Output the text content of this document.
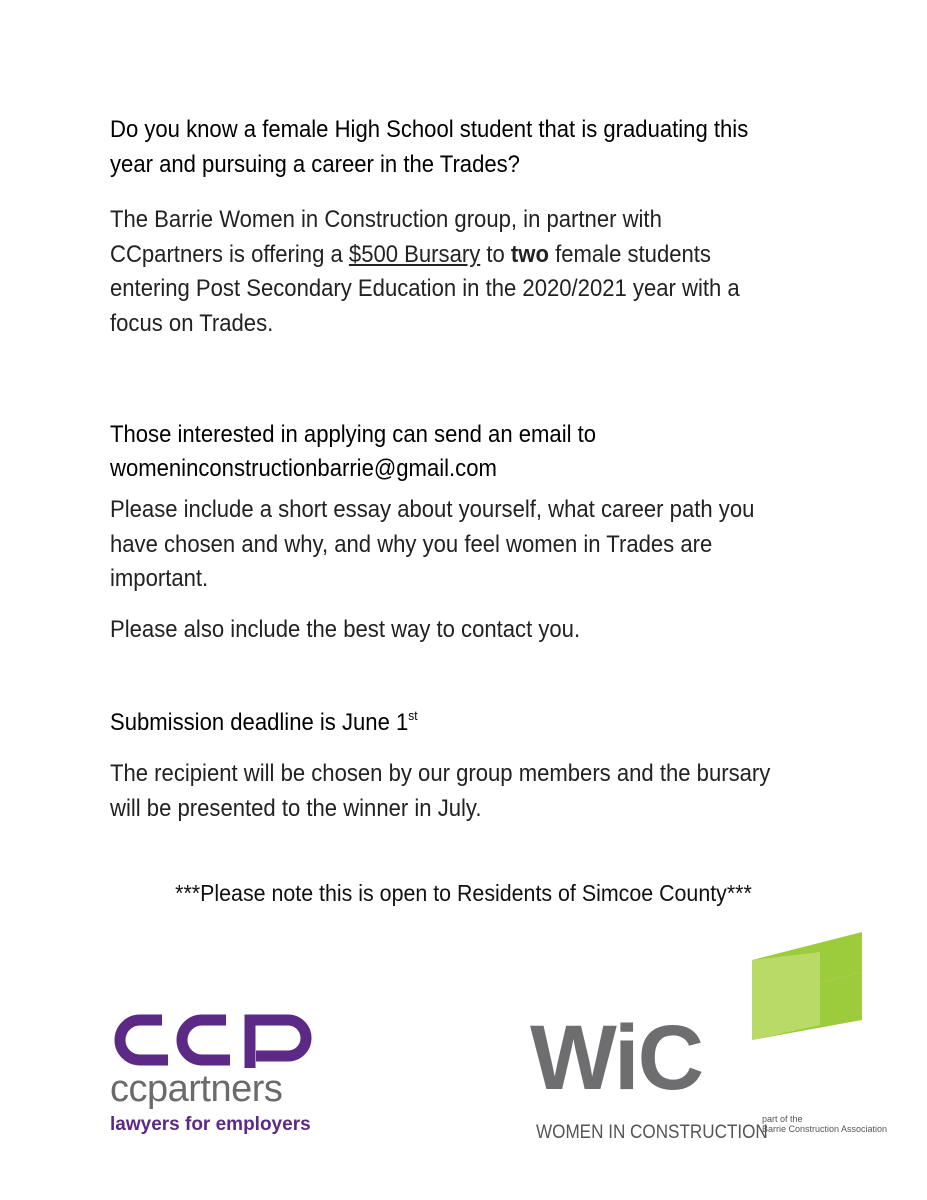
Do you know a female High School student that is graduating this year and pursuing a career in the Trades?
The Barrie Women in Construction group, in partner with CCpartners is offering a $500 Bursary to two female students entering Post Secondary Education in the 2020/2021 year with a focus on Trades.
Those interested in applying can send an email to
womeninconstructionbarrie@gmail.com
Please include a short essay about yourself, what career path you have chosen and why, and why you feel women in Trades are important.
Please also include the best way to contact you.
Submission deadline is June 1st
The recipient will be chosen by our group members and the bursary will be presented to the winner in July.
***Please note this is open to Residents of Simcoe County***
ccpartners
lawyers for employers
WiC
WOMEN IN CONSTRUCTION
part of the
Barrie Construction Association
